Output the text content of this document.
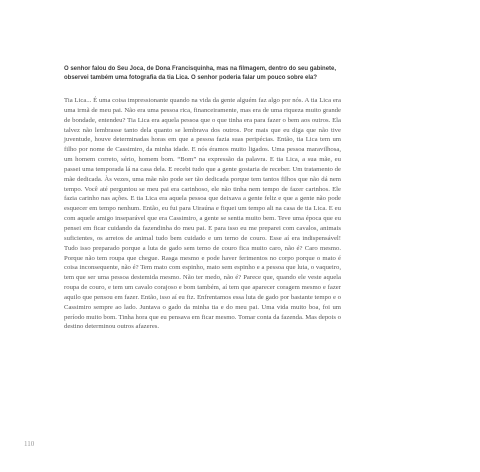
O senhor falou do Seu Joca, de Dona Francisquinha, mas na filmagem, dentro do seu gabinete, observei também uma fotografia da tia Lica. O senhor poderia falar um pouco sobre ela?
Tia Lica... É uma coisa impressionante quando na vida da gente alguém faz algo por nós. A tia Lica era uma irmã de meu pai. Não era uma pessoa rica, financeiramente, mas era de uma riqueza muito grande de bondade, entendeu? Tia Lica era aquela pessoa que o que tinha era para fazer o bem aos outros. Ela talvez não lembrasse tanto dela quanto se lembrava dos outros. Por mais que eu diga que não tive juventude, houve determinadas horas em que a pessoa fazia suas peripécias. Então, tia Lica tem um filho por nome de Cassimiro, da minha idade. E nós éramos muito ligados. Uma pessoa maravilhosa, um homem correto, sério, homem bom. “Bom” na expressão da palavra. E tia Lica, a sua mãe, eu passei uma temporada lá na casa dela. E recebi tudo que a gente gostaria de receber. Um tratamento de mãe dedicada. Às vezes, uma mãe não pode ser tão dedicada porque tem tantos filhos que não dá nem tempo. Você até perguntou se meu pai era carinhoso, ele não tinha nem tempo de fazer carinhos. Ele fazia carinho nas ações. E tia Lica era aquela pessoa que deixava a gente feliz e que a gente não pode esquecer em tempo nenhum. Então, eu fui para Uiraúna e fiquei um tempo ali na casa de tia Lica. E eu com aquele amigo inseparável que era Cassimiro, a gente se sentia muito bem. Teve uma época que eu pensei em ficar cuidando da fazendinha do meu pai. E para isso eu me preparei com cavalos, animais suficientes, os arreios de animal tudo bem cuidado e um terno de couro. Esse aí era indispensável! Tudo isso preparado porque a luta de gado sem terno de couro fica muito caro, não é? Caro mesmo. Porque não tem roupa que chegue. Rasga mesmo e pode haver ferimentos no corpo porque o mato é coisa inconsequente, não é? Tem mato com espinho, mato sem espinho e a pessoa que luta, o vaqueiro, tem que ser uma pessoa destemida mesmo. Não ter medo, não é? Parece que, quando ele veste aquela roupa de couro, e tem um cavalo corajoso e bom também, aí tem que aparecer coragem mesmo e fazer aquilo que pensou em fazer. Então, isso aí eu fiz. Enfrentamos essa luta de gado por bastante tempo e o Cassimiro sempre ao lado. Juntava o gado da minha tia e do meu pai. Uma vida muito boa, foi um período muito bom. Tinha hora que eu pensava em ficar mesmo. Tomar conta da fazenda. Mas depois o destino determinou outros afazeres.
110
